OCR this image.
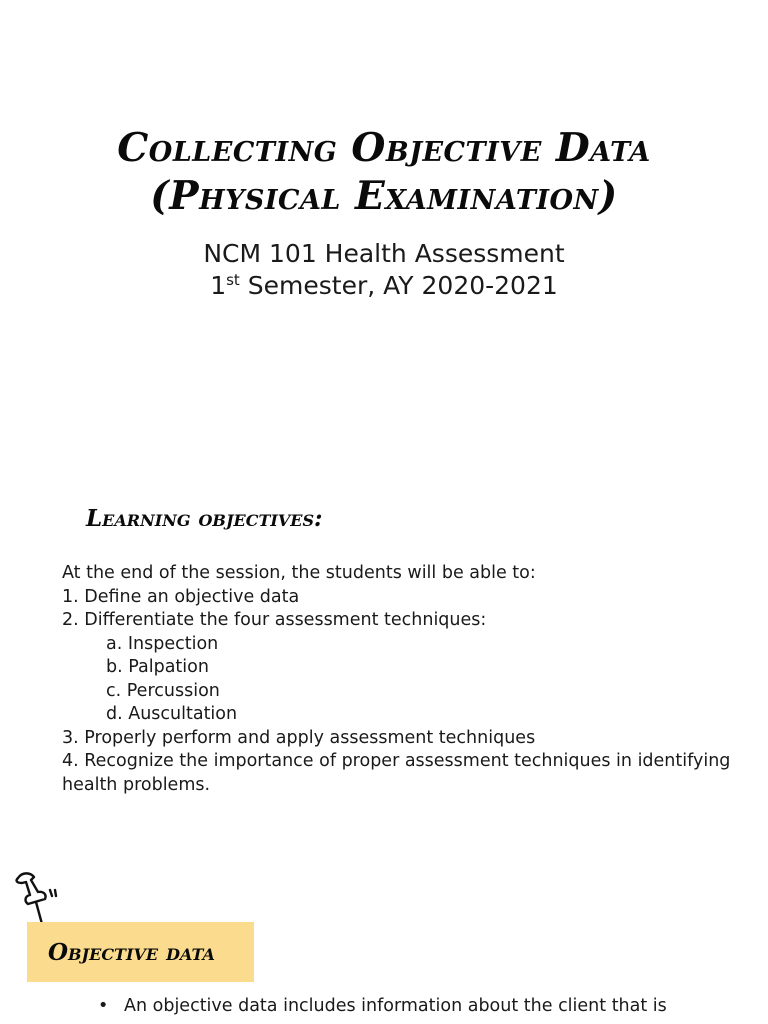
Collecting Objective Data
(Physical Examination)
NCM 101 Health Assessment
1st Semester, AY 2020-2021
Learning objectives:
At the end of the session, the students will be able to:
1. Define an objective data
2. Differentiate the four assessment techniques:
a. Inspection
b. Palpation
c. Percussion
d. Auscultation
3. Properly perform and apply assessment techniques
4. Recognize the importance of proper assessment techniques in identifying health problems.
Objective data
• An objective data includes information about the client that is
